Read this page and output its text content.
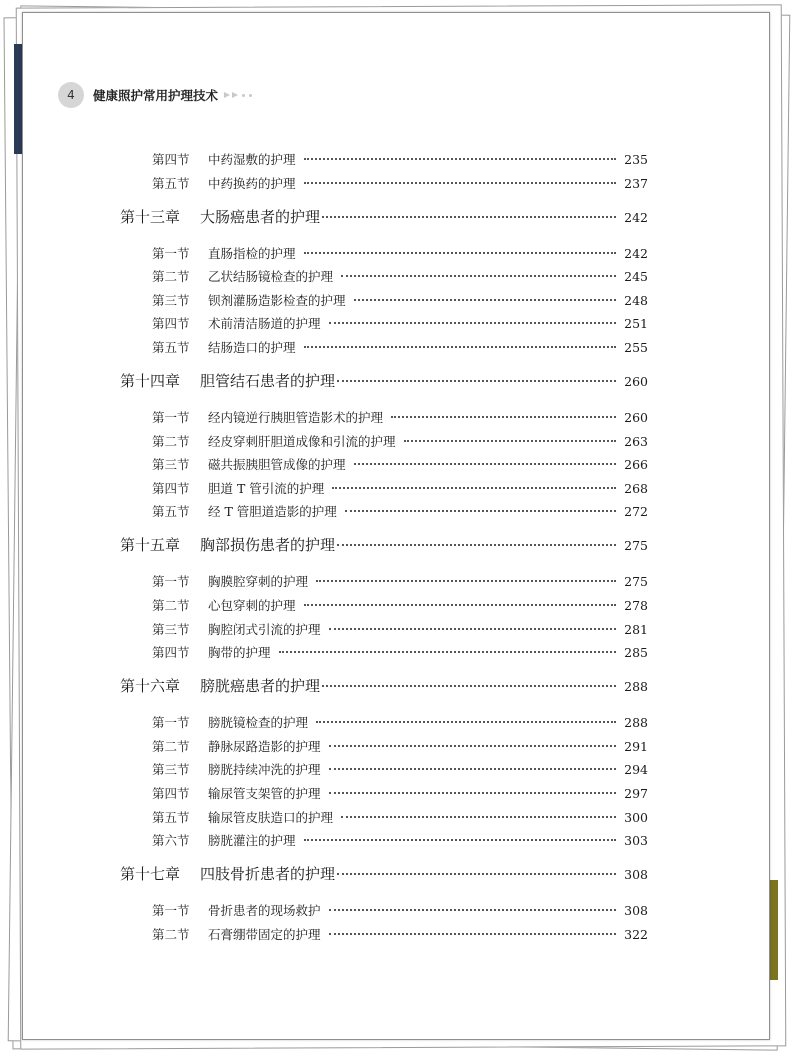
4	健康照护常用护理技术
第四节	中药湿敷的护理	235
第五节	中药换药的护理	237
第十三章	大肠癌患者的护理	242
第一节	直肠指检的护理	242
第二节	乙状结肠镜检查的护理	245
第三节	钡剂灌肠造影检查的护理	248
第四节	术前清洁肠道的护理	251
第五节	结肠造口的护理	255
第十四章	胆管结石患者的护理	260
第一节	经内镜逆行胰胆管造影术的护理	260
第二节	经皮穿刺肝胆道成像和引流的护理	263
第三节	磁共振胰胆管成像的护理	266
第四节	胆道 T 管引流的护理	268
第五节	经 T 管胆道造影的护理	272
第十五章	胸部损伤患者的护理	275
第一节	胸膜腔穿刺的护理	275
第二节	心包穿刺的护理	278
第三节	胸腔闭式引流的护理	281
第四节	胸带的护理	285
第十六章	膀胱癌患者的护理	288
第一节	膀胱镜检查的护理	288
第二节	静脉尿路造影的护理	291
第三节	膀胱持续冲洗的护理	294
第四节	输尿管支架管的护理	297
第五节	输尿管皮肤造口的护理	300
第六节	膀胱灌注的护理	303
第十七章	四肢骨折患者的护理	308
第一节	骨折患者的现场救护	308
第二节	石膏绷带固定的护理	322
